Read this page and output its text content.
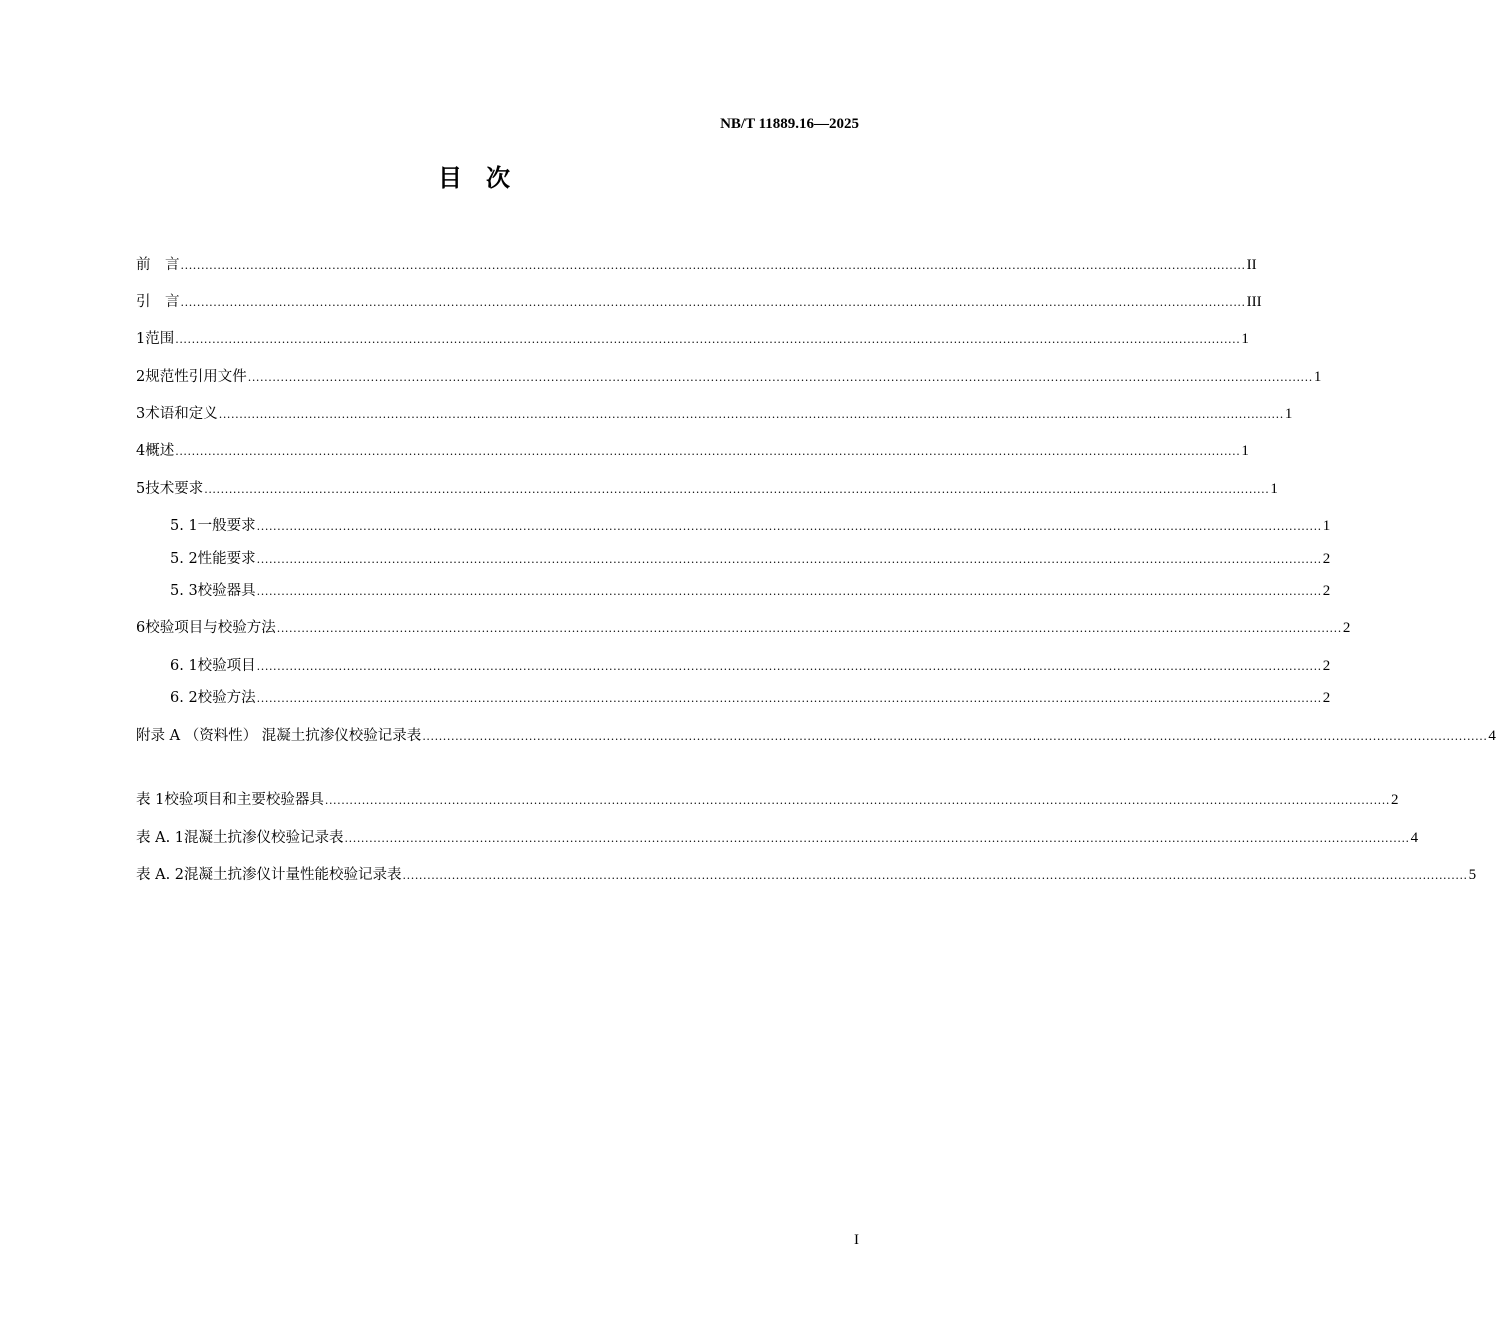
NB/T 11889.16—2025
目 次
前　言 .................................................................................................................................................................................................................................................................... II
引　言 .................................................................................................................................................................................................................................................................... III
1 范围 .................................................................................................................................................................................................................................................................... 1
2 规范性引用文件 .................................................................................................................................................................................................................................................................... 1
3 术语和定义 .................................................................................................................................................................................................................................................................... 1
4 概述 .................................................................................................................................................................................................................................................................... 1
5 技术要求 .................................................................................................................................................................................................................................................................... 1
5. 1 一般要求 .................................................................................................................................................................................................................................................................... 1
5. 2 性能要求 .................................................................................................................................................................................................................................................................... 2
5. 3 校验器具 .................................................................................................................................................................................................................................................................... 2
6 校验项目与校验方法 .................................................................................................................................................................................................................................................................... 2
6. 1 校验项目 .................................................................................................................................................................................................................................................................... 2
6. 2 校验方法 .................................................................................................................................................................................................................................................................... 2
附录 A （资料性） 混凝土抗渗仪校验记录表 .................................................................................................................................................................................................................................................................... 4
表 1 校验项目和主要校验器具 .................................................................................................................................................................................................................................................................... 2
表 A. 1 混凝土抗渗仪校验记录表 .................................................................................................................................................................................................................................................................... 4
表 A. 2 混凝土抗渗仪计量性能校验记录表 .................................................................................................................................................................................................................................................................... 5
I
